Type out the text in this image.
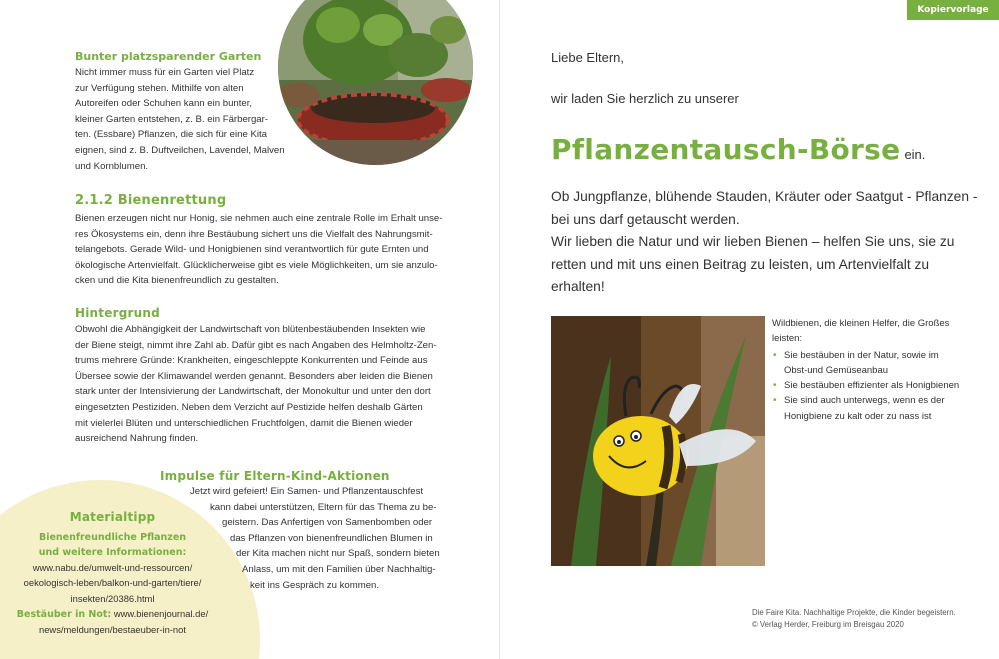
Bunter platzsparender Garten
Nicht immer muss für ein Garten viel Platz
zur Verfügung stehen. Mithilfe von alten
Autoreifen oder Schuhen kann ein bunter,
kleiner Garten entstehen, z. B. ein Färbergar-
ten. (Essbare) Pflanzen, die sich für eine Kita
eignen, sind z. B. Duftveilchen, Lavendel, Malven
und Kornblumen.
2.1.2 Bienenrettung
Bienen erzeugen nicht nur Honig, sie nehmen auch eine zentrale Rolle im Erhalt unse-
res Ökosystems ein, denn ihre Bestäubung sichert uns die Vielfalt des Nahrungsmit-
telangebots. Gerade Wild- und Honigbienen sind verantwortlich für gute Ernten und
ökologische Artenvielfalt. Glücklicherweise gibt es viele Möglichkeiten, um sie anzulo-
cken und die Kita bienenfreundlich zu gestalten.
Hintergrund
Obwohl die Abhängigkeit der Landwirtschaft von blütenbestäubenden Insekten wie
der Biene steigt, nimmt ihre Zahl ab. Dafür gibt es nach Angaben des Helmholtz-Zen-
trums mehrere Gründe: Krankheiten, eingeschleppte Konkurrenten und Feinde aus
Übersee sowie der Klimawandel werden genannt. Besonders aber leiden die Bienen
stark unter der Intensivierung der Landwirtschaft, der Monokultur und unter den dort
eingesetzten Pestiziden. Neben dem Verzicht auf Pestizide helfen deshalb Gärten
mit vielerlei Blüten und unterschiedlichen Fruchtfolgen, damit die Bienen wieder
ausreichend Nahrung finden.
Impulse für Eltern-Kind-Aktionen
Jetzt wird gefeiert! Ein Samen- und Pflanzentauschfest
kann dabei unterstützen, Eltern für das Thema zu be-
geistern. Das Anfertigen von Samenbomben oder
das Pflanzen von bienenfreundlichen Blumen in
der Kita machen nicht nur Spaß, sondern bieten
Anlass, um mit den Familien über Nachhaltig-
keit ins Gespräch zu kommen.
Materialtipp
Bienenfreundliche Pflanzen
und weitere Informationen:
www.nabu.de/umwelt-und-ressourcen/
oekologisch-leben/balkon-und-garten/tiere/
insekten/20386.html
Bestäuber in Not: www.bienenjournal.de/
news/meldungen/bestaeuber-in-not
Kopiervorlage
Liebe Eltern,
wir laden Sie herzlich zu unserer
Pflanzentausch-Börse ein.
Ob Jungpflanze, blühende Stauden, Kräuter oder Saatgut - Pflanzen -
bei uns darf getauscht werden.
Wir lieben die Natur und wir lieben Bienen – helfen Sie uns, sie zu
retten und mit uns einen Beitrag zu leisten, um Artenvielfalt zu
erhalten!
Wildbienen, die kleinen Helfer, die Großes
leisten:
• Sie bestäuben in der Natur, sowie im
Obst-und Gemüseanbau
• Sie bestäuben effizienter als Honigbienen
• Sie sind auch unterwegs, wenn es der
Honigbiene zu kalt oder zu nass ist
Die Faire Kita. Nachhaltige Projekte, die Kinder begeistern.
© Verlag Herder, Freiburg im Breisgau 2020
